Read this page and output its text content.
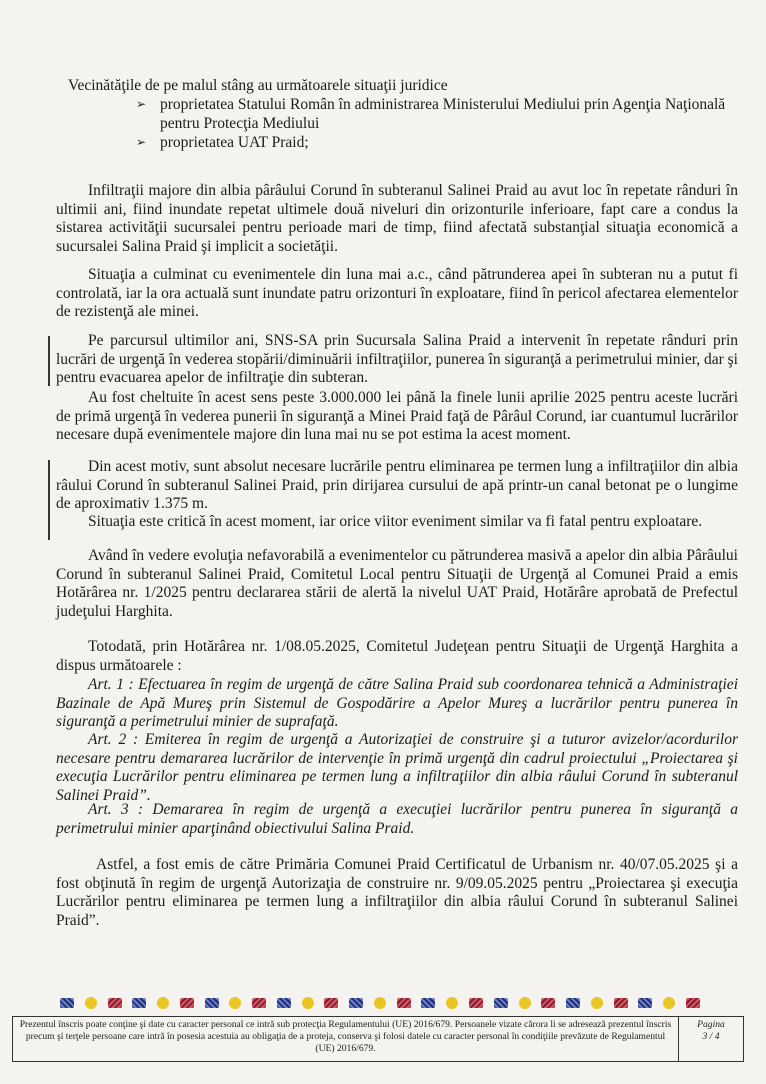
Vecinătăţile de pe malul stâng au următoarele situaţii juridice

➢ proprietatea Statului Român în administrarea Ministerului Mediului prin Agenţia Naţională pentru Protecţia Mediului

➢ proprietatea UAT Praid;

Infiltraţii majore din albia pârâului Corund în subteranul Salinei Praid au avut loc în repetate rânduri în ultimii ani, fiind inundate repetat ultimele două niveluri din orizonturile inferioare, fapt care a condus la sistarea activităţii sucursalei pentru perioade mari de timp, fiind afectată substanţial situaţia economică a sucursalei Salina Praid şi implicit a societăţii.

Situaţia a culminat cu evenimentele din luna mai a.c., când pătrunderea apei în subteran nu a putut fi controlată, iar la ora actuală sunt inundate patru orizonturi în exploatare, fiind în pericol afectarea elementelor de rezistenţă ale minei.

Pe parcursul ultimilor ani, SNS-SA prin Sucursala Salina Praid a intervenit în repetate rânduri prin lucrări de urgenţă în vederea stopării/diminuării infiltraţiilor, punerea în siguranţă a perimetrului minier, dar şi pentru evacuarea apelor de infiltraţie din subteran.

Au fost cheltuite în acest sens peste 3.000.000 lei până la finele lunii aprilie 2025 pentru aceste lucrări de primă urgenţă în vederea punerii în siguranţă a Minei Praid faţă de Pârâul Corund, iar cuantumul lucrărilor necesare după evenimentele majore din luna mai nu se pot estima la acest moment.

Din acest motiv, sunt absolut necesare lucrările pentru eliminarea pe termen lung a infiltraţiilor din albia râului Corund în subteranul Salinei Praid, prin dirijarea cursului de apă printr-un canal betonat pe o lungime de aproximativ 1.375 m.

Situaţia este critică în acest moment, iar orice viitor eveniment similar va fi fatal pentru exploatare.

Având în vedere evoluţia nefavorabilă a evenimentelor cu pătrunderea masivă a apelor din albia Pârâului Corund în subteranul Salinei Praid, Comitetul Local pentru Situaţii de Urgenţă al Comunei Praid a emis Hotărârea nr. 1/2025 pentru declararea stării de alertă la nivelul UAT Praid, Hotărâre aprobată de Prefectul judeţului Harghita.

Totodată, prin Hotărârea nr. 1/08.05.2025, Comitetul Judeţean pentru Situaţii de Urgenţă Harghita a dispus următoarele :

Art. 1 : Efectuarea în regim de urgenţă de către Salina Praid sub coordonarea tehnică a Administraţiei Bazinale de Apă Mureş prin Sistemul de Gospodărire a Apelor Mureş a lucrărilor pentru punerea în siguranţă a perimetrului minier de suprafaţă.

Art. 2 : Emiterea în regim de urgenţă a Autorizaţiei de construire şi a tuturor avizelor/acordurilor necesare pentru demararea lucrărilor de intervenţie în primă urgenţă din cadrul proiectului „Proiectarea şi execuţia Lucrărilor pentru eliminarea pe termen lung a infiltraţiilor din albia râului Corund în subteranul Salinei Praid”.

Art. 3 : Demararea în regim de urgenţă a execuţiei lucrărilor pentru punerea în siguranţă a perimetrului minier aparţinând obiectivului Salina Praid.

Astfel, a fost emis de către Primăria Comunei Praid Certificatul de Urbanism nr. 40/07.05.2025 şi a fost obţinută în regim de urgenţă Autorizaţia de construire nr. 9/09.05.2025 pentru „Proiectarea şi execuţia Lucrărilor pentru eliminarea pe termen lung a infiltraţiilor din albia râului Corund în subteranul Salinei Praid”.

Prezentul înscris poate conţine şi date cu caracter personal ce intră sub protecţia Regulamentului (UE) 2016/679. Persoanele vizate cărora li se adresează prezentul înscris precum şi terţele persoane care intră în posesia acestuia au obligaţia de a proteja, conserva şi folosi datele cu caracter personal în condiţiile prevăzute de Regulamentul (UE) 2016/679.
Pagina
3 / 4
